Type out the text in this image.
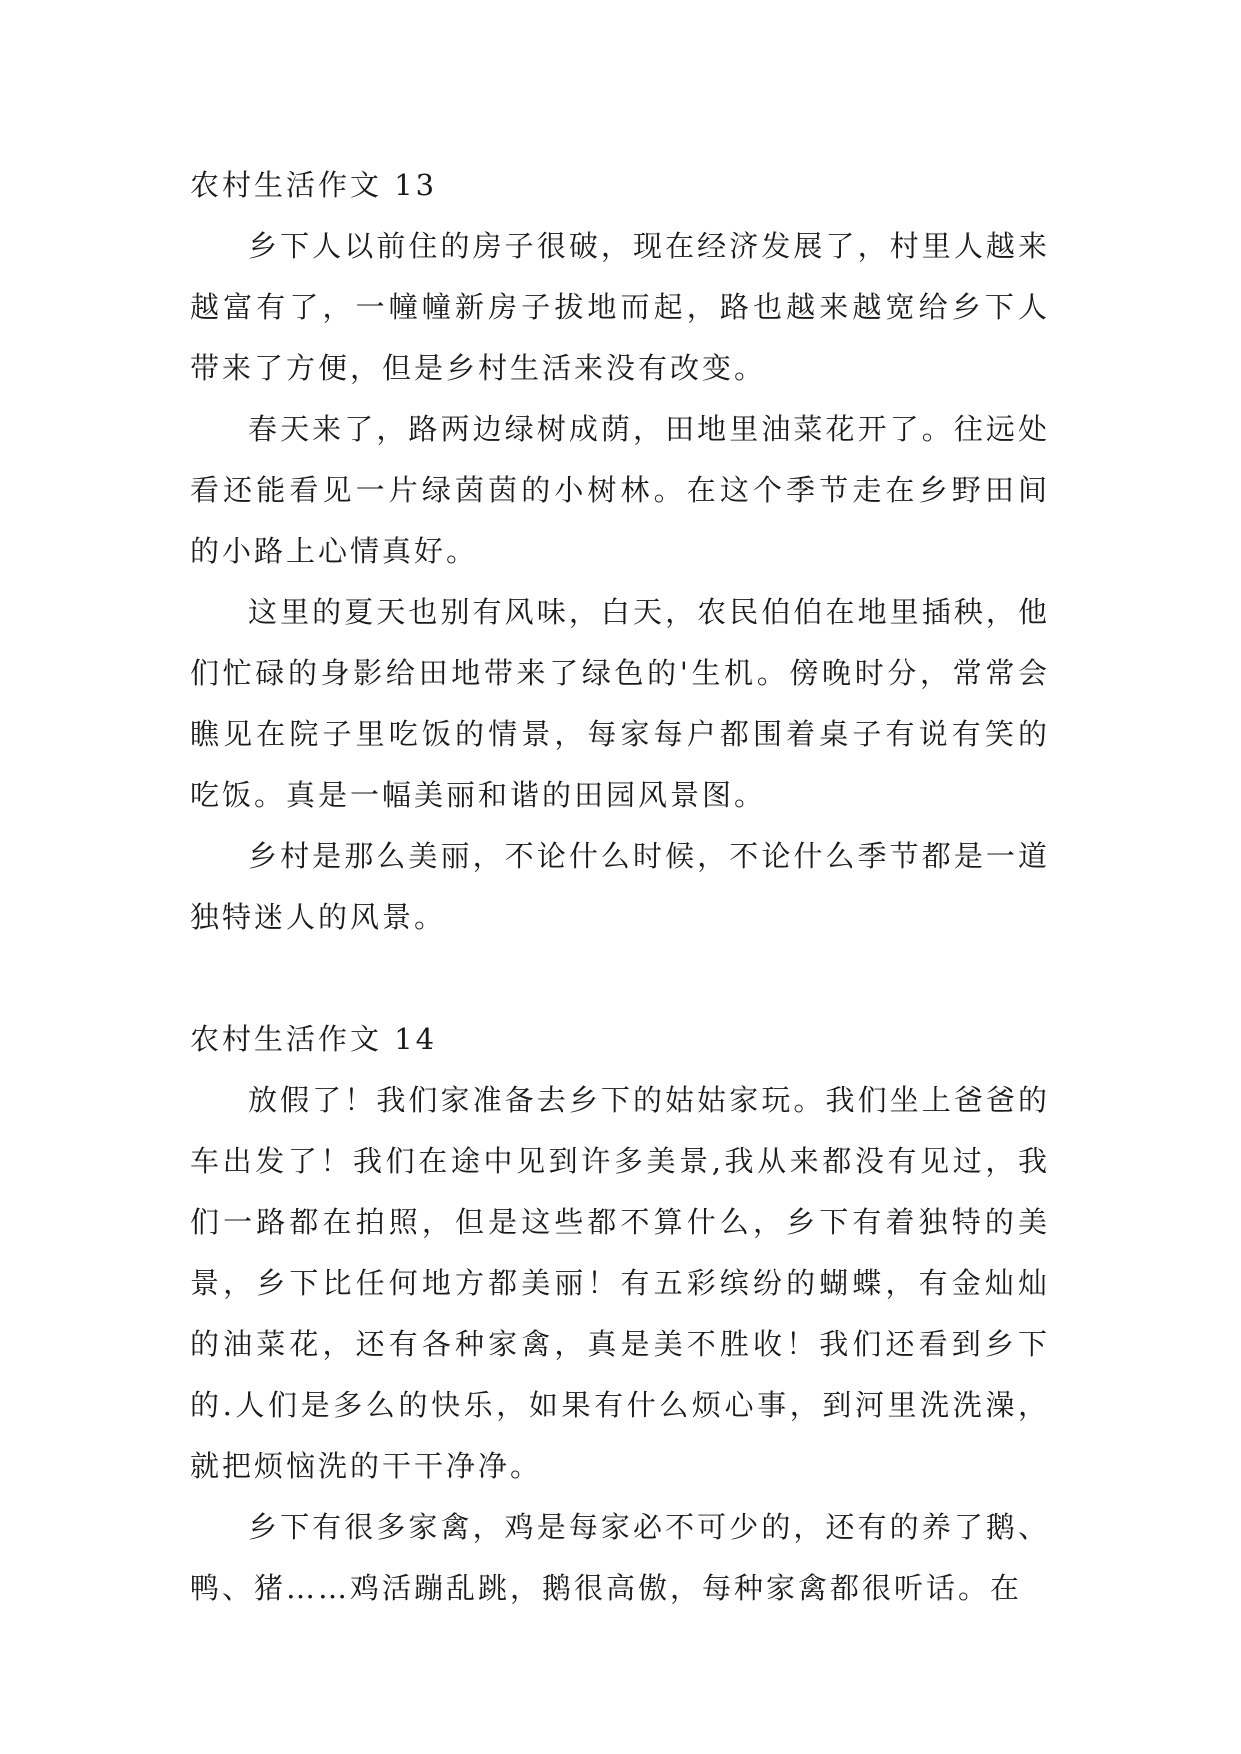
农村生活作文 13

乡下人以前住的房子很破，现在经济发展了，村里人越来越富有了，一幢幢新房子拔地而起，路也越来越宽给乡下人带来了方便，但是乡村生活来没有改变。

春天来了，路两边绿树成荫，田地里油菜花开了。往远处看还能看见一片绿茵茵的小树林。在这个季节走在乡野田间的小路上心情真好。

这里的夏天也别有风味，白天，农民伯伯在地里插秧，他们忙碌的身影给田地带来了绿色的'生机。傍晚时分，常常会瞧见在院子里吃饭的情景，每家每户都围着桌子有说有笑的吃饭。真是一幅美丽和谐的田园风景图。

乡村是那么美丽，不论什么时候，不论什么季节都是一道独特迷人的风景。

农村生活作文 14

放假了！我们家准备去乡下的姑姑家玩。我们坐上爸爸的车出发了！我们在途中见到许多美景,我从来都没有见过，我们一路都在拍照，但是这些都不算什么，乡下有着独特的美景，乡下比任何地方都美丽！有五彩缤纷的蝴蝶，有金灿灿的油菜花，还有各种家禽，真是美不胜收！我们还看到乡下的.人们是多么的快乐，如果有什么烦心事，到河里洗洗澡，就把烦恼洗的干干净净。

乡下有很多家禽，鸡是每家必不可少的，还有的养了鹅、鸭、猪……鸡活蹦乱跳，鹅很高傲，每种家禽都很听话。在
